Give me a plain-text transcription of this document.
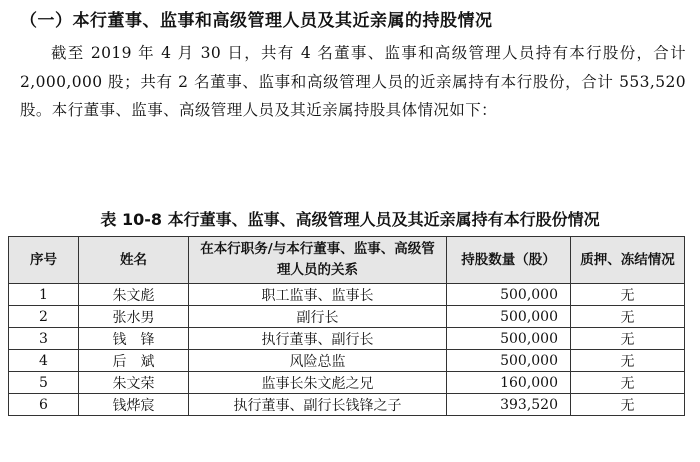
（一）本行董事、监事和高级管理人员及其近亲属的持股情况
截至 2019 年 4 月 30 日，共有 4 名董事、监事和高级管理人员持有本行股份，合计 2,000,000 股；共有 2 名董事、监事和高级管理人员的近亲属持有本行股份，合计 553,520 股。本行董事、监事、高级管理人员及其近亲属持股具体情况如下：
表 10-8 本行董事、监事、高级管理人员及其近亲属持有本行股份情况
序号	姓名	在本行职务/与本行董事、监事、高级管理人员的关系	持股数量（股）	质押、冻结情况
1	朱文彪	职工监事、监事长	500,000	无
2	张水男	副行长	500,000	无
3	钱　锋	执行董事、副行长	500,000	无
4	后　斌	风险总监	500,000	无
5	朱文荣	监事长朱文彪之兄	160,000	无
6	钱烨宸	执行董事、副行长钱锋之子	393,520	无
